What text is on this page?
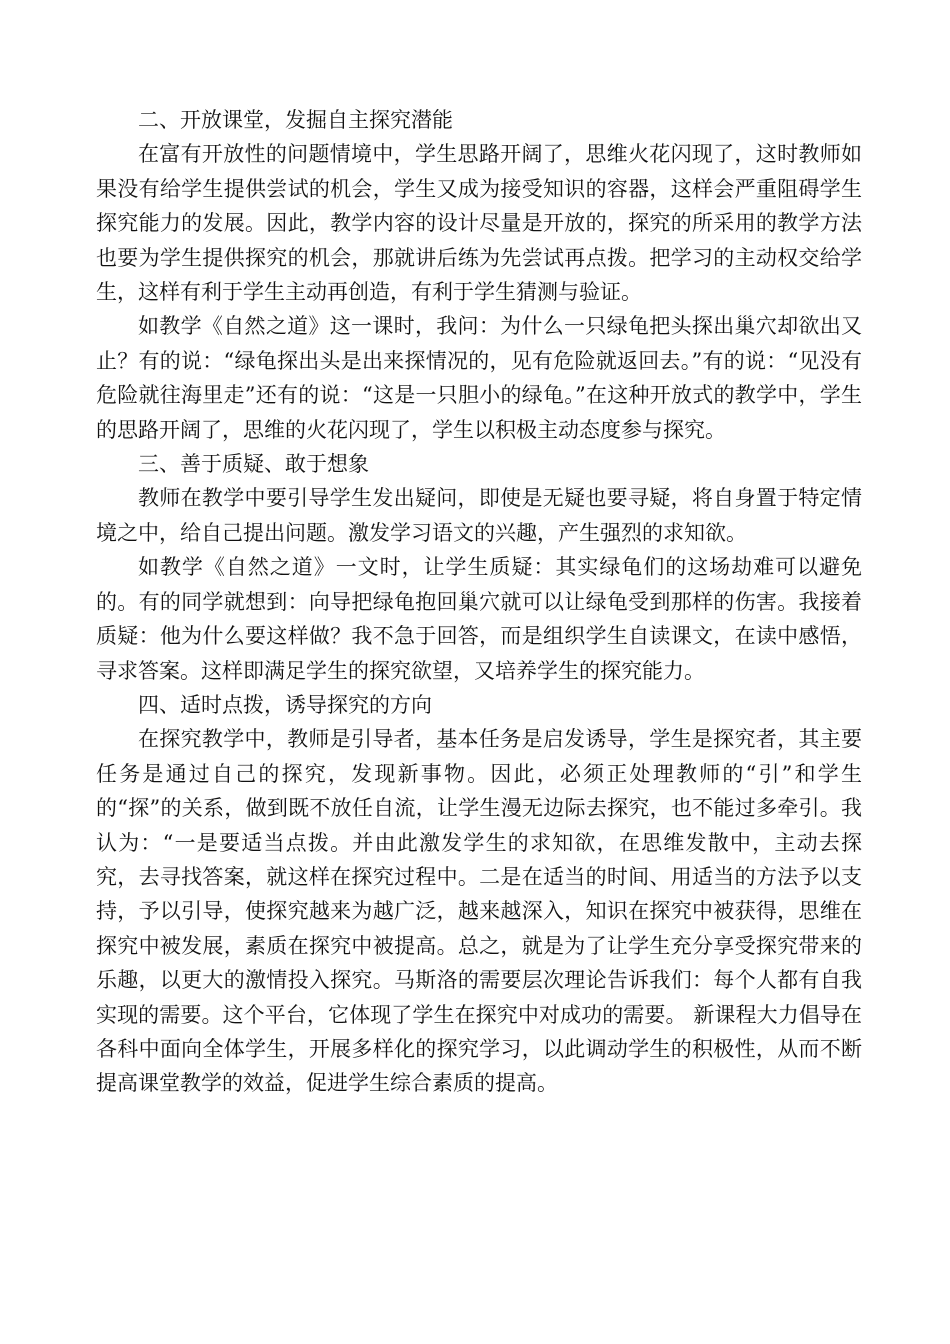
二、开放课堂，发掘自主探究潜能

在富有开放性的问题情境中，学生思路开阔了，思维火花闪现了，这时教师如果没有给学生提供尝试的机会，学生又成为接受知识的容器，这样会严重阻碍学生探究能力的发展。因此，教学内容的设计尽量是开放的，探究的所采用的教学方法也要为学生提供探究的机会，那就讲后练为先尝试再点拨。把学习的主动权交给学生，这样有利于学生主动再创造，有利于学生猜测与验证。

如教学《自然之道》这一课时，我问：为什么一只绿龟把头探出巢穴却欲出又止？有的说：“绿龟探出头是出来探情况的，见有危险就返回去。”有的说：“见没有危险就往海里走”还有的说：“这是一只胆小的绿龟。”在这种开放式的教学中，学生的思路开阔了，思维的火花闪现了，学生以积极主动态度参与探究。

三、善于质疑、敢于想象

教师在教学中要引导学生发出疑问，即使是无疑也要寻疑，将自身置于特定情境之中，给自己提出问题。激发学习语文的兴趣，产生强烈的求知欲。

如教学《自然之道》一文时，让学生质疑：其实绿龟们的这场劫难可以避免的。有的同学就想到：向导把绿龟抱回巢穴就可以让绿龟受到那样的伤害。我接着质疑：他为什么要这样做？我不急于回答，而是组织学生自读课文，在读中感悟，寻求答案。这样即满足学生的探究欲望，又培养学生的探究能力。

四、适时点拨，诱导探究的方向

在探究教学中，教师是引导者，基本任务是启发诱导，学生是探究者，其主要任务是通过自己的探究，发现新事物。因此，必须正处理教师的“引”和学生的“探”的关系，做到既不放任自流，让学生漫无边际去探究，也不能过多牵引。我认为：“一是要适当点拨。并由此激发学生的求知欲，在思维发散中，主动去探究，去寻找答案，就这样在探究过程中。二是在适当的时间、用适当的方法予以支持，予以引导，使探究越来为越广泛，越来越深入，知识在探究中被获得，思维在探究中被发展，素质在探究中被提高。总之，就是为了让学生充分享受探究带来的乐趣，以更大的激情投入探究。马斯洛的需要层次理论告诉我们：每个人都有自我实现的需要。这个平台，它体现了学生在探究中对成功的需要。 新课程大力倡导在各科中面向全体学生，开展多样化的探究学习，以此调动学生的积极性，从而不断提高课堂教学的效益，促进学生综合素质的提高。
